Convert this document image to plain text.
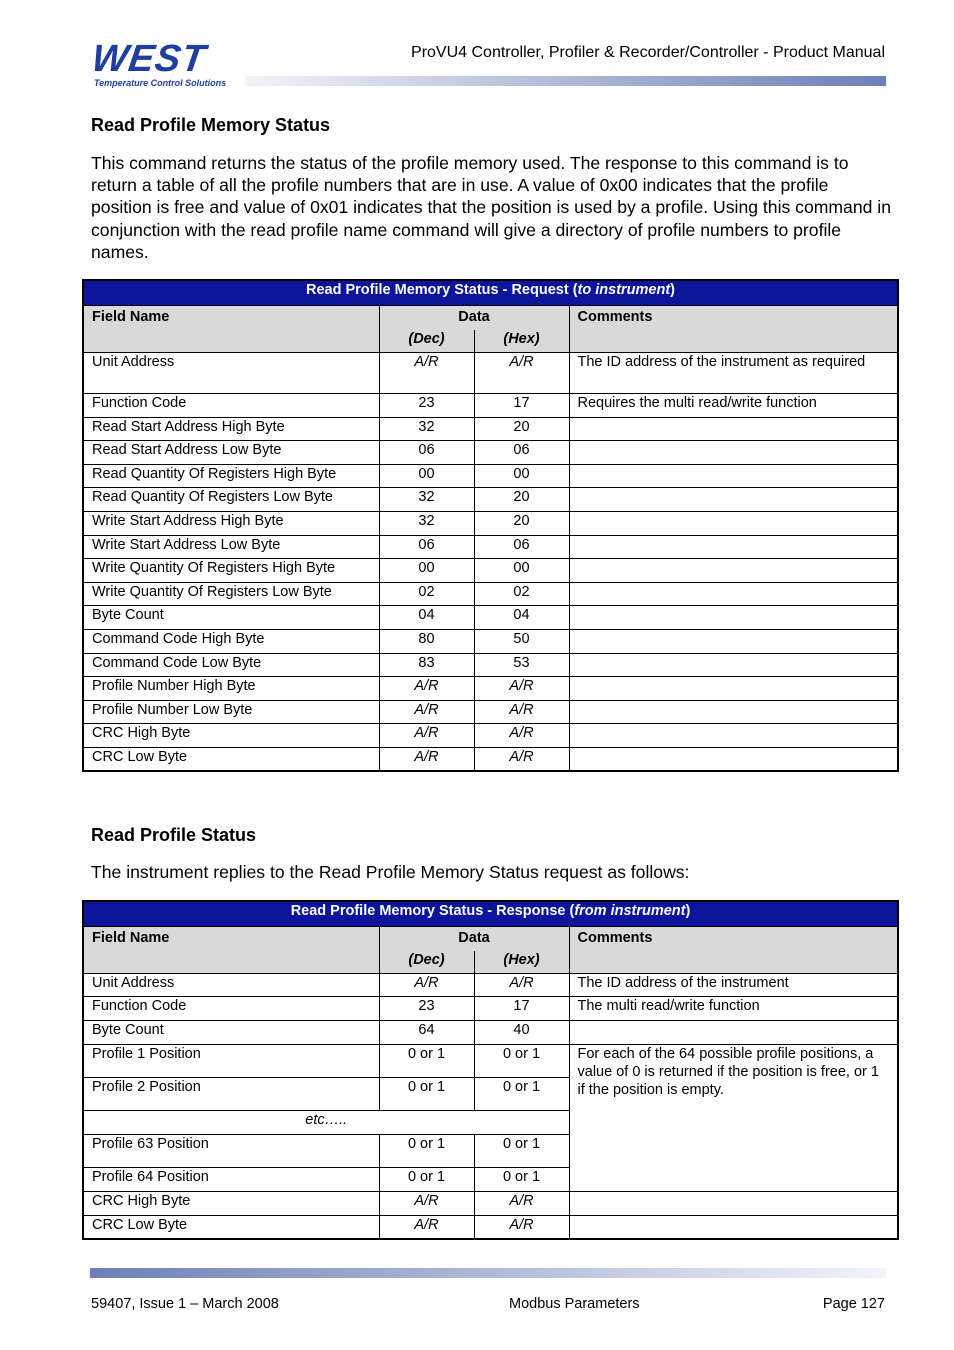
WEST
Temperature Control Solutions
ProVU4 Controller, Profiler & Recorder/Controller - Product Manual
Read Profile Memory Status
This command returns the status of the profile memory used. The response to this command is to return a table of all the profile numbers that are in use. A value of 0x00 indicates that the profile position is free and value of 0x01 indicates that the position is used by a profile. Using this command in conjunction with the read profile name command will give a directory of profile numbers to profile names.
Read Profile Memory Status - Request (to instrument)			
Field Name	Data		Comments
	(Dec)	(Hex)	
Unit Address	A/R	A/R	The ID address of the instrument as required
Function Code	23	17	Requires the multi read/write function
Read Start Address High Byte	32	20	
Read Start Address Low Byte	06	06	
Read Quantity Of Registers High Byte	00	00	
Read Quantity Of Registers Low Byte	32	20	
Write Start Address High Byte	32	20	
Write Start Address Low Byte	06	06	
Write Quantity Of Registers High Byte	00	00	
Write Quantity Of Registers Low Byte	02	02	
Byte Count	04	04	
Command Code High Byte	80	50	
Command Code Low Byte	83	53	
Profile Number High Byte	A/R	A/R	
Profile Number Low Byte	A/R	A/R	
CRC High Byte	A/R	A/R	
CRC Low Byte	A/R	A/R	
Read Profile Status
The instrument replies to the Read Profile Memory Status request as follows:
Read Profile Memory Status - Response (from instrument)			
Field Name	Data		Comments
	(Dec)	(Hex)	
Unit Address	A/R	A/R	The ID address of the instrument
Function Code	23	17	The multi read/write function
Byte Count	64	40	
Profile 1 Position	0 or 1	0 or 1	For each of the 64 possible profile positions, a value of 0 is returned if the position is free, or 1 if the position is empty.
Profile 2 Position	0 or 1	0 or 1	
etc…..			
Profile 63 Position	0 or 1	0 or 1	
Profile 64 Position	0 or 1	0 or 1	
CRC High Byte	A/R	A/R	
CRC Low Byte	A/R	A/R	
59407, Issue 1 – March 2008	Modbus Parameters	Page 127
